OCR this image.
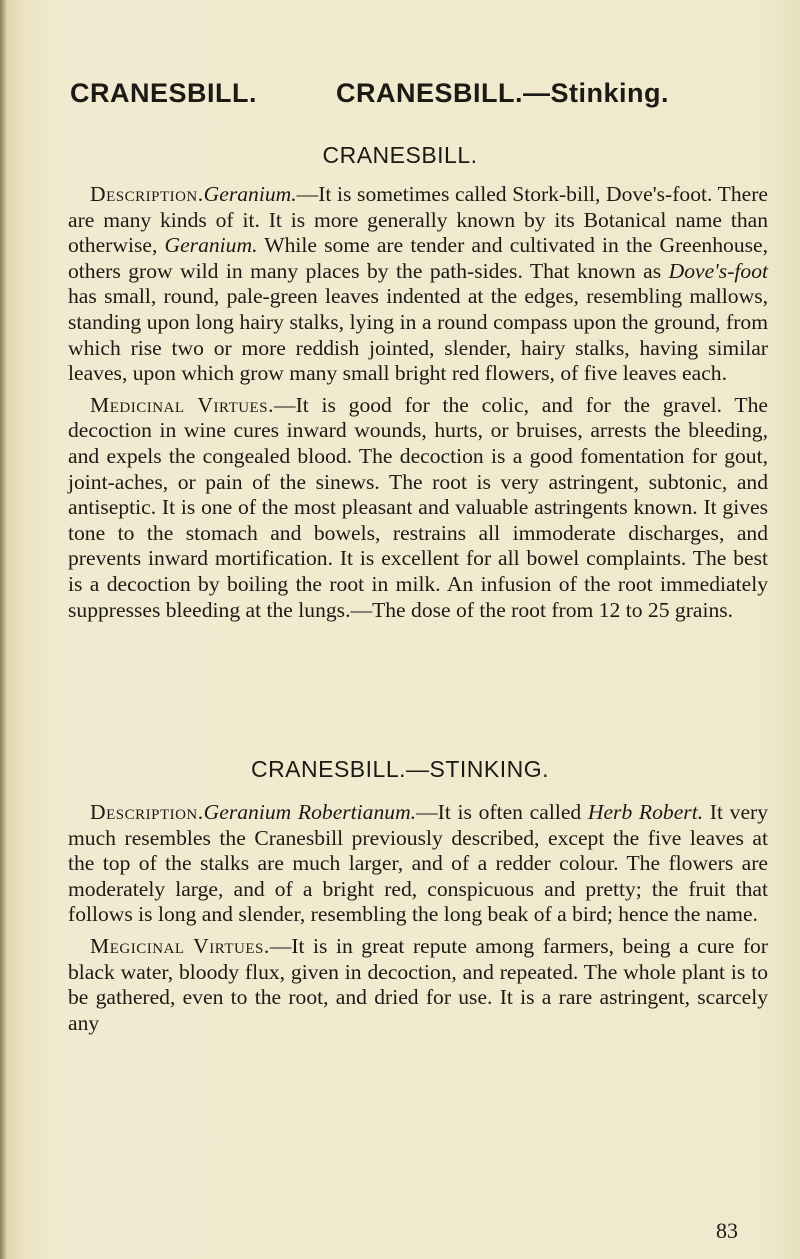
CRANESBILL.	CRANESBILL.—Stinking.
CRANESBILL.

Description.Geranium.—It is sometimes called Stork-bill, Dove's-foot. There are many kinds of it. It is more generally known by its Botanical name than otherwise, Geranium. While some are tender and cultivated in the Greenhouse, others grow wild in many places by the path-sides. That known as Dove's-foot has small, round, pale-green leaves indented at the edges, resembling mallows, standing upon long hairy stalks, lying in a round compass upon the ground, from which rise two or more reddish jointed, slender, hairy stalks, having similar leaves, upon which grow many small bright red flowers, of five leaves each.

Medicinal Virtues.—It is good for the colic, and for the gravel. The decoction in wine cures inward wounds, hurts, or bruises, arrests the bleeding, and expels the congealed blood. The decoction is a good fomentation for gout, joint-aches, or pain of the sinews. The root is very astringent, subtonic, and antiseptic. It is one of the most pleasant and valuable astringents known. It gives tone to the stomach and bowels, restrains all immoderate discharges, and prevents inward mortification. It is excellent for all bowel complaints. The best is a decoction by boiling the root in milk. An infusion of the root immediately suppresses bleeding at the lungs.—The dose of the root from 12 to 25 grains.

CRANESBILL.—STINKING.

Description.Geranium Robertianum.—It is often called Herb Robert. It very much resembles the Cranesbill previously described, except the five leaves at the top of the stalks are much larger, and of a redder colour. The flowers are moderately large, and of a bright red, conspicuous and pretty; the fruit that follows is long and slender, resembling the long beak of a bird; hence the name.

Megicinal Virtues.—It is in great repute among farmers, being a cure for black water, bloody flux, given in decoction, and repeated. The whole plant is to be gathered, even to the root, and dried for use. It is a rare astringent, scarcely any

83
